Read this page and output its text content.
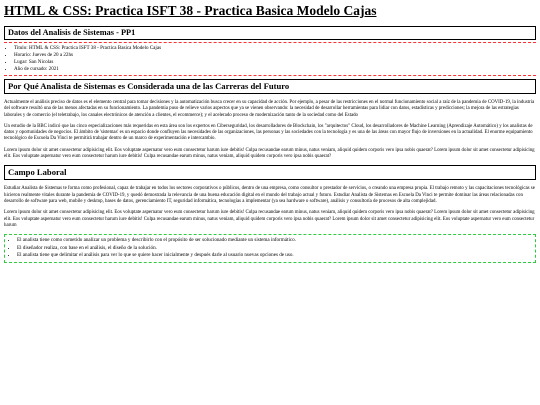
HTML & CSS: Practica ISFT 38 - Practica Basica Modelo Cajas
Datos del Analisis de Sistemas - PP1
• Titulo: HTML & CSS: Practica ISFT 38 - Practica Basica Modelo Cajas
• Horario: Jueves de 20 a 22hs
• Lugar: San Nicolas
• Año de cursado: 2021
Por Qué Analista de Sistemas es Considerada una de las Carreras del Futuro

Actualmente el análisis preciso de datos es el elemento central para tomar decisiones y la automatización busca crecer en su capacidad de acción. Por ejemplo, a pesar de las restricciones en el normal funcionamiento social a raíz de la pandemia de COVID-19, la industria del software resultó una de las menos afectadas en su funcionamiento. La pandemia puso de relieve varios aspectos que ya se vienen observando: la necesidad de desarrollar herramientas para lidiar con datos, estadísticas y predicciones; la mejora de las estrategias laborales y de comercio (el teletrabajo, los canales electrónicos de atención a clientes, el ecommerce); y el acelerado proceso de modernización tanto de la sociedad como del Estado

Un estudio de la BBC indicó que las cinco especializaciones más requeridas en esta área son los expertos en Ciberseguridad, los desarrolladores de Blockchain, los "arquitectos" Cloud, los desarrolladores de Machine Learning (Aprendizaje Automático) y los analistas de datos y oportunidades de negocios. El ámbito de 'sistemas' es un espacio donde confluyen las necesidades de las organizaciones, las personas y las sociedades con la tecnología y es una de las áreas con mayor flujo de inversiones en la actualidad. El enorme equipamiento tecnológico de Escuela Da Vinci te permitirá trabajar dentro de un marco de experimentación e intercambio.

Lorem ipsum dolor sit amet consectetur adipisicing elit. Eos voluptate aspernatur vero eum consectetur harum iure debitis! Culpa recusandae earum minus, natus veniam, aliquid quidem corporis vero ipsa nobis quaerat? Lorem ipsum dolor sit amet consectetur adipisicing elit. Eos voluptate aspernatur vero eum consectetur harum iure debitis! Culpa recusandae earum minus, natus veniam, aliquid quidem corporis vero ipsa nobis quaerat?

Campo Laboral

Estudiar Analista de Sistemas te forma como profesional, capaz de trabajar en todos los sectores corporativos o públicos, dentro de una empresa, como consultor o prestador de servicios, o creando una empresa propia. El trabajo remoto y las capacitaciones tecnológicas se hicieron realmente vitales durante la pandemia de COVID-19, y quedó demostrada la relevancia de una buena educación digital en el mundo del trabajo actual y futuro. Estudiar Analista de Sistemas en Escuela Da Vinci te permite dominar las áreas relacionadas con desarrollo de software para web, mobile y desktop, bases de datos, gerenciamiento IT, seguridad informática, tecnologías a implementar (ya sea hardware o software), análisis y consultoría de procesos de alta complejidad.

Lorem ipsum dolor sit amet consectetur adipisicing elit. Eos voluptate aspernatur vero eum consectetur harum iure debitis! Culpa recusandae earum minus, natus veniam, aliquid quidem corporis vero ipsa nobis quaerat? Lorem ipsum dolor sit amet consectetur adipisicing elit. Eos voluptate aspernatur vero eum consectetur harum iure debitis! Culpa recusandae earum minus, natus veniam, aliquid quidem corporis vero ipsa nobis quaerat? Lorem ipsum dolor sit amet consectetur adipisicing elit. Eos voluptate aspernatur vero eum consectetur harum

• El analista tiene como cometido analizar un problema y describirlo con el propósito de ser solucionado mediante un sistema informático.
• El diseñador realiza, con base en el análisis, el diseño de la solución.
• El analista tiene que delimitar el análisis para ver lo que se quiere hacer inicialmente y después darle al usuario nuevas opciones de uso.
